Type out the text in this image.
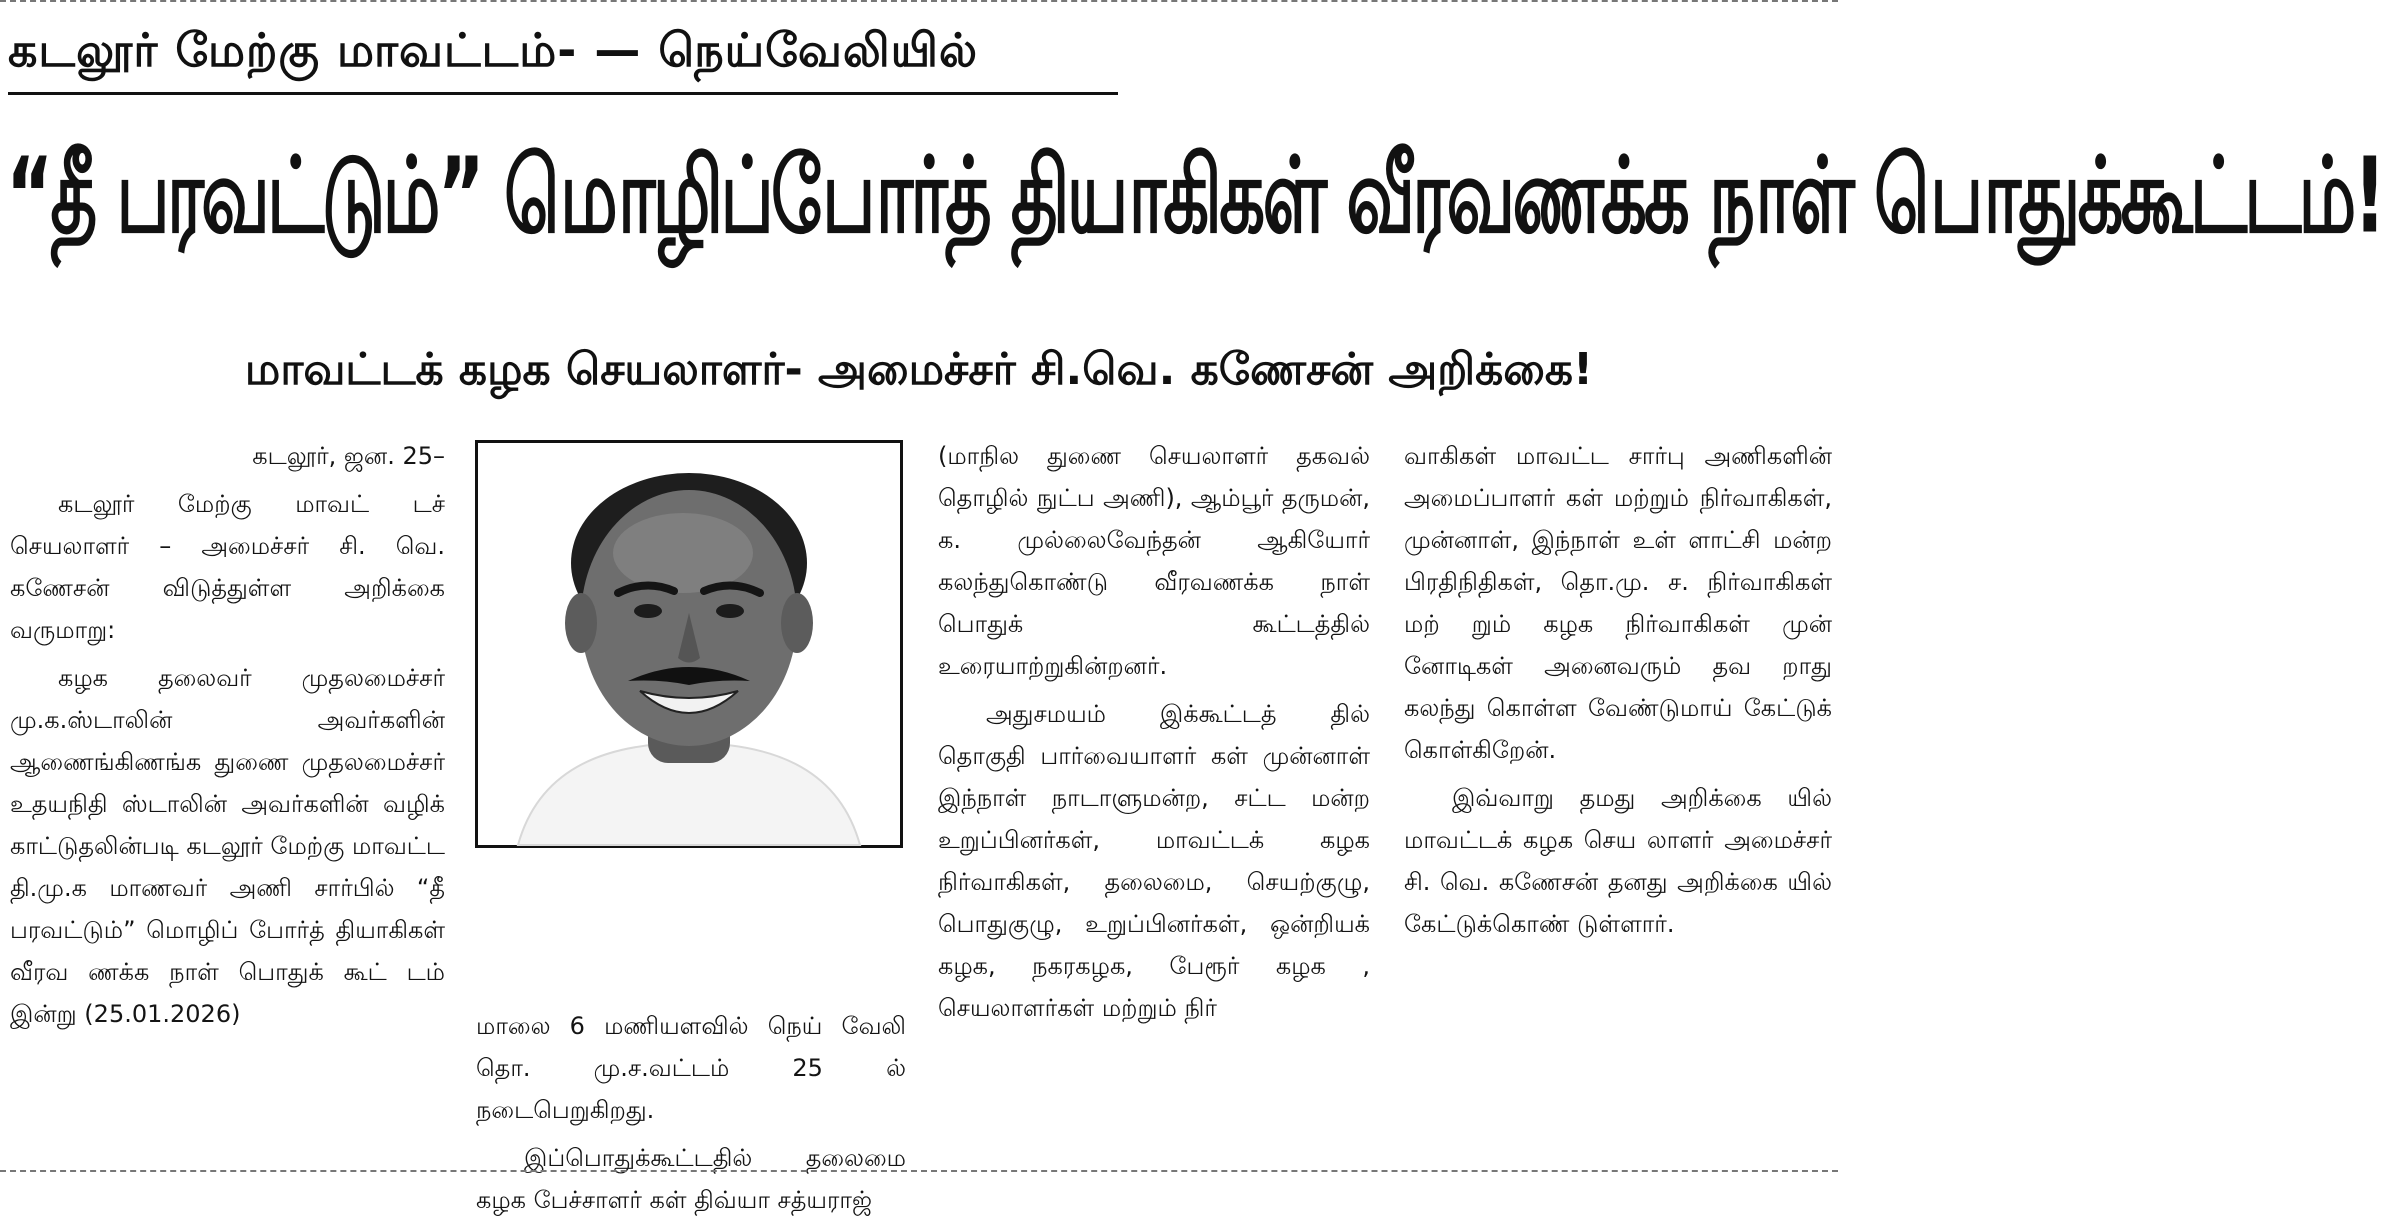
கடலூர் மேற்கு மாவட்டம்- — நெய்வேலியில்
“தீ பரவட்டும்” மொழிப்போர்த் தியாகிகள் வீரவணக்க நாள் பொதுக்கூட்டம்!
மாவட்டக் கழக செயலாளர்- அமைச்சர் சி.வெ. கணேசன் அறிக்கை!

கடலூர், ஜன. 25–

கடலூர் மேற்கு மாவட் டச் செயலாளர் – அமைச்சர் சி. வெ. கணேசன் விடுத்துள்ள அறிக்கை வருமாறு:

கழக தலைவர் முதலமைச்சர் மு.க.ஸ்டாலின் அவர்களின் ஆணைங்கிணங்க துணை முதலமைச்சர் உதயநிதி ஸ்டாலின் அவர்களின் வழிக் காட்டுதலின்படி கடலூர் மேற்கு மாவட்ட தி.மு.க மாணவர் அணி சார்பில் “தீ பரவட்டும்” மொழிப் போர்த் தியாகிகள் வீரவ ணக்க நாள் பொதுக் கூட் டம் இன்று (25.01.2026)	மாலை 6 மணியளவில் நெய் வேலி தொ. மு.ச.வட்டம் 25 ல் நடைபெறுகிறது.

இப்பொதுக்கூட்டதில் தலைமை கழக பேச்சாளர் கள் திவ்யா சத்யராஜ்

(மாநில துணை செயலாளர் தகவல் தொழில் நுட்ப அணி), ஆம்பூர் தருமன், க. முல்லைவேந்தன் ஆகியோர் கலந்துகொண்டு வீரவணக்க நாள் பொதுக் கூட்டத்தில் உரையாற்றுகின்றனர்.

அதுசமயம் இக்கூட்டத் தில் தொகுதி பார்வையாளர் கள் முன்னாள் இந்நாள் நாடாளுமன்ற, சட்ட மன்ற உறுப்பினர்கள், மாவட்டக் கழக நிர்வாகிகள், தலைமை, செயற்குழு, பொதுகுழு, உறுப்பினர்கள், ஒன்றியக் கழக, நகரகழக, பேரூர் கழக , செயலாளர்கள் மற்றும் நிர்

வாகிகள் மாவட்ட சார்பு அணிகளின் அமைப்பாளர் கள் மற்றும் நிர்வாகிகள், முன்னாள், இந்நாள் உள் ளாட்சி மன்ற பிரதிநிதிகள், தொ.மு. ச. நிர்வாகிகள் மற் றும் கழக நிர்வாகிகள் முன் னோடிகள் அனைவரும் தவ றாது கலந்து கொள்ள வேண்டுமாய் கேட்டுக் கொள்கிறேன்.

இவ்வாறு தமது அறிக்கை யில் மாவட்டக் கழக செய லாளர் அமைச்சர் சி. வெ. கணேசன் தனது அறிக்கை யில் கேட்டுக்கொண் டுள்ளார்.
